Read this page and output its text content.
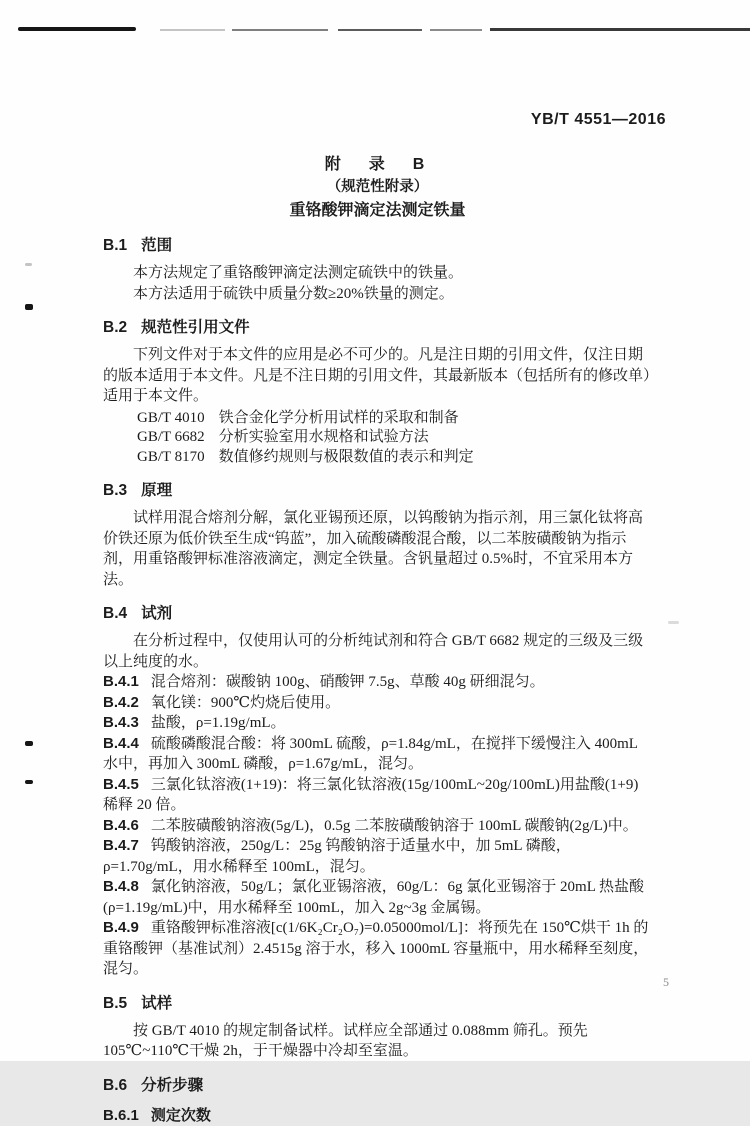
YB/T 4551—2016
附　录　B
（规范性附录）
重铬酸钾滴定法测定铁量
B.1 范围

本方法规定了重铬酸钾滴定法测定硫铁中的铁量。

本方法适用于硫铁中质量分数≥20%铁量的测定。

B.2 规范性引用文件

下列文件对于本文件的应用是必不可少的。凡是注日期的引用文件，仅注日期的版本适用于本文件。凡是不注日期的引用文件，其最新版本（包括所有的修改单）适用于本文件。

GB/T 4010 铁合金化学分析用试样的采取和制备

GB/T 6682 分析实验室用水规格和试验方法

GB/T 8170 数值修约规则与极限数值的表示和判定

B.3 原理

试样用混合熔剂分解，氯化亚锡预还原，以钨酸钠为指示剂，用三氯化钛将高价铁还原为低价铁至生成“钨蓝”，加入硫酸磷酸混合酸，以二苯胺磺酸钠为指示剂，用重铬酸钾标准溶液滴定，测定全铁量。含钒量超过 0.5%时，不宜采用本方法。

B.4 试剂

在分析过程中，仅使用认可的分析纯试剂和符合 GB/T 6682 规定的三级及三级以上纯度的水。

B.4.1 混合熔剂：碳酸钠 100g、硝酸钾 7.5g、草酸 40g 研细混匀。

B.4.2 氧化镁：900℃灼烧后使用。

B.4.3 盐酸，ρ=1.19g/mL。

B.4.4 硫酸磷酸混合酸：将 300mL 硫酸，ρ=1.84g/mL，在搅拌下缓慢注入 400mL 水中，再加入 300mL 磷酸，ρ=1.67g/mL，混匀。

B.4.5 三氯化钛溶液(1+19)：将三氯化钛溶液(15g/100mL~20g/100mL)用盐酸(1+9)稀释 20 倍。

B.4.6 二苯胺磺酸钠溶液(5g/L)，0.5g 二苯胺磺酸钠溶于 100mL 碳酸钠(2g/L)中。

B.4.7 钨酸钠溶液，250g/L：25g 钨酸钠溶于适量水中，加 5mL 磷酸，ρ=1.70g/mL，用水稀释至 100mL，混匀。

B.4.8 氯化钠溶液，50g/L；氯化亚锡溶液，60g/L：6g 氯化亚锡溶于 20mL 热盐酸(ρ=1.19g/mL)中，用水稀释至 100mL，加入 2g~3g 金属锡。

B.4.9 重铬酸钾标准溶液[c(1/6K₂Cr₂O₇)=0.05000mol/L]：将预先在 150℃烘干 1h 的重铬酸钾（基准试剂）2.4515g 溶于水，移入 1000mL 容量瓶中，用水稀释至刻度，混匀。

B.5 试样

按 GB/T 4010 的规定制备试样。试样应全部通过 0.088mm 筛孔。预先 105℃~110℃干燥 2h，于干燥器中冷却至室温。

B.6 分析步骤

B.6.1 测定次数

5
